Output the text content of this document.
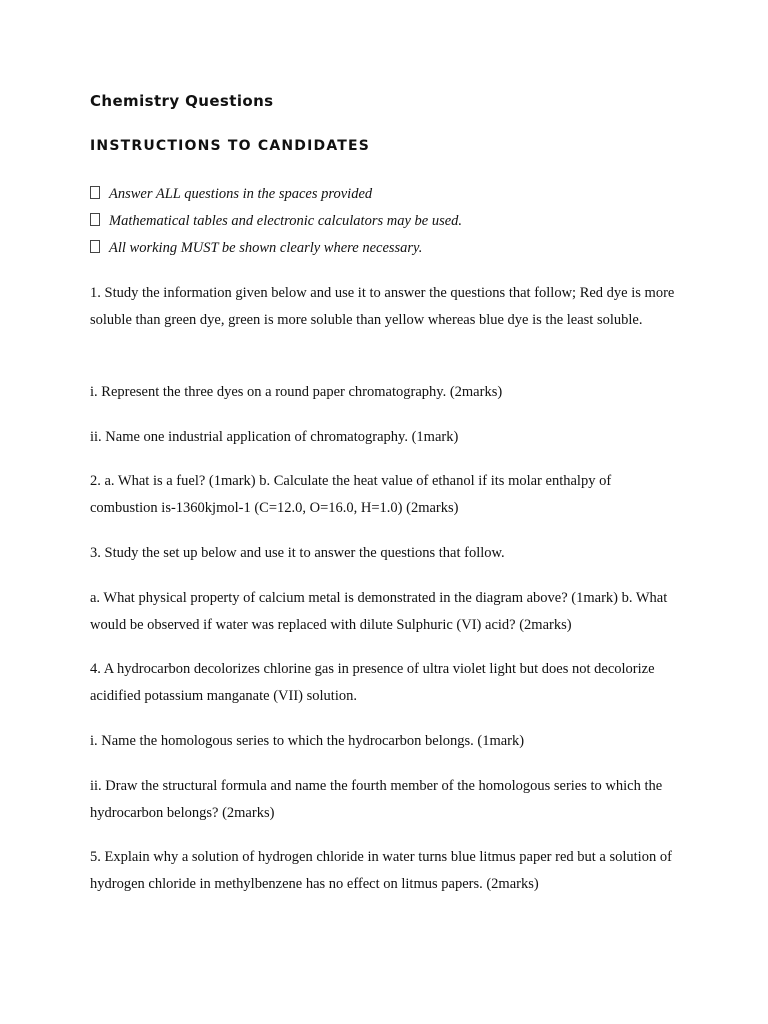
Chemistry Questions
INSTRUCTIONS TO CANDIDATES
Answer ALL questions in the spaces provided
Mathematical tables and electronic calculators may be used.
All working MUST be shown clearly where necessary.

1. Study the information given below and use it to answer the questions that follow; Red dye is more soluble than green dye, green is more soluble than yellow whereas blue dye is the least soluble.

i. Represent the three dyes on a round paper chromatography. (2marks)

ii. Name one industrial application of chromatography. (1mark)

2. a. What is a fuel? (1mark) b. Calculate the heat value of ethanol if its molar enthalpy of combustion is-1360kjmol-1 (C=12.0, O=16.0, H=1.0) (2marks)

3. Study the set up below and use it to answer the questions that follow.

a. What physical property of calcium metal is demonstrated in the diagram above? (1mark) b. What would be observed if water was replaced with dilute Sulphuric (VI) acid? (2marks)

4. A hydrocarbon decolorizes chlorine gas in presence of ultra violet light but does not decolorize acidified potassium manganate (VII) solution.

i. Name the homologous series to which the hydrocarbon belongs. (1mark)

ii. Draw the structural formula and name the fourth member of the homologous series to which the hydrocarbon belongs? (2marks)

5. Explain why a solution of hydrogen chloride in water turns blue litmus paper red but a solution of hydrogen chloride in methylbenzene has no effect on litmus papers. (2marks)
